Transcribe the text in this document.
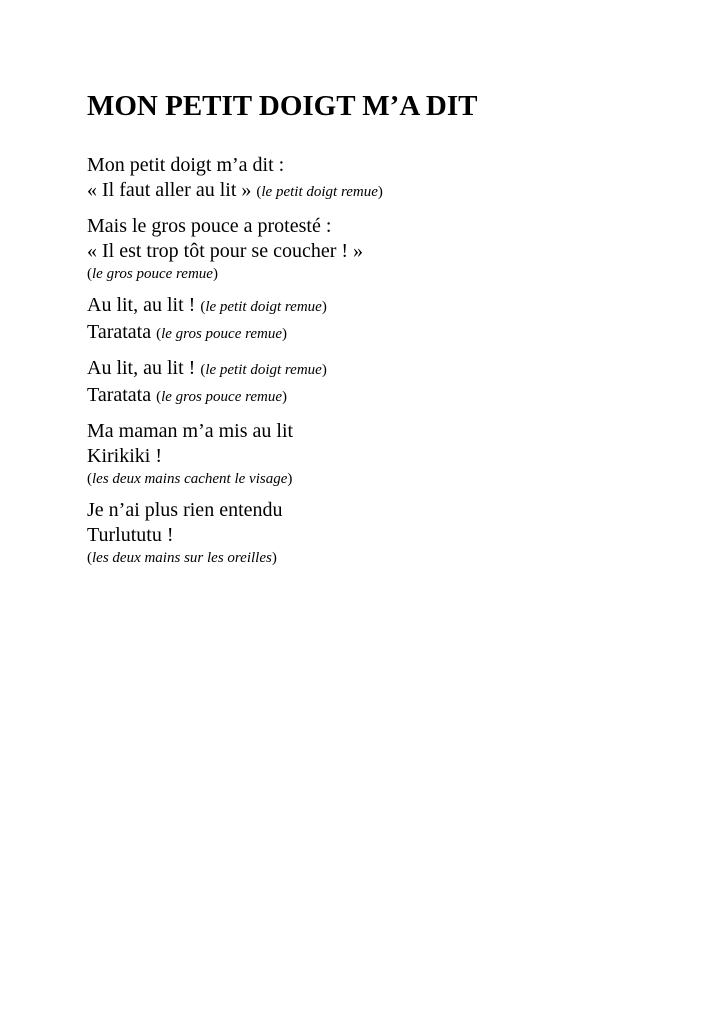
MON PETIT DOIGT M’A DIT
Mon petit doigt m’a dit :
« Il faut aller au lit » (le petit doigt remue)
Mais le gros pouce a protesté :
« Il est trop tôt pour se coucher ! »
(le gros pouce remue)
Au lit, au lit ! (le petit doigt remue)
Taratata (le gros pouce remue)
Au lit, au lit ! (le petit doigt remue)
Taratata (le gros pouce remue)
Ma maman m’a mis au lit
Kirikiki !
(les deux mains cachent le visage)
Je n’ai plus rien entendu
Turlututu !
(les deux mains sur les oreilles)
